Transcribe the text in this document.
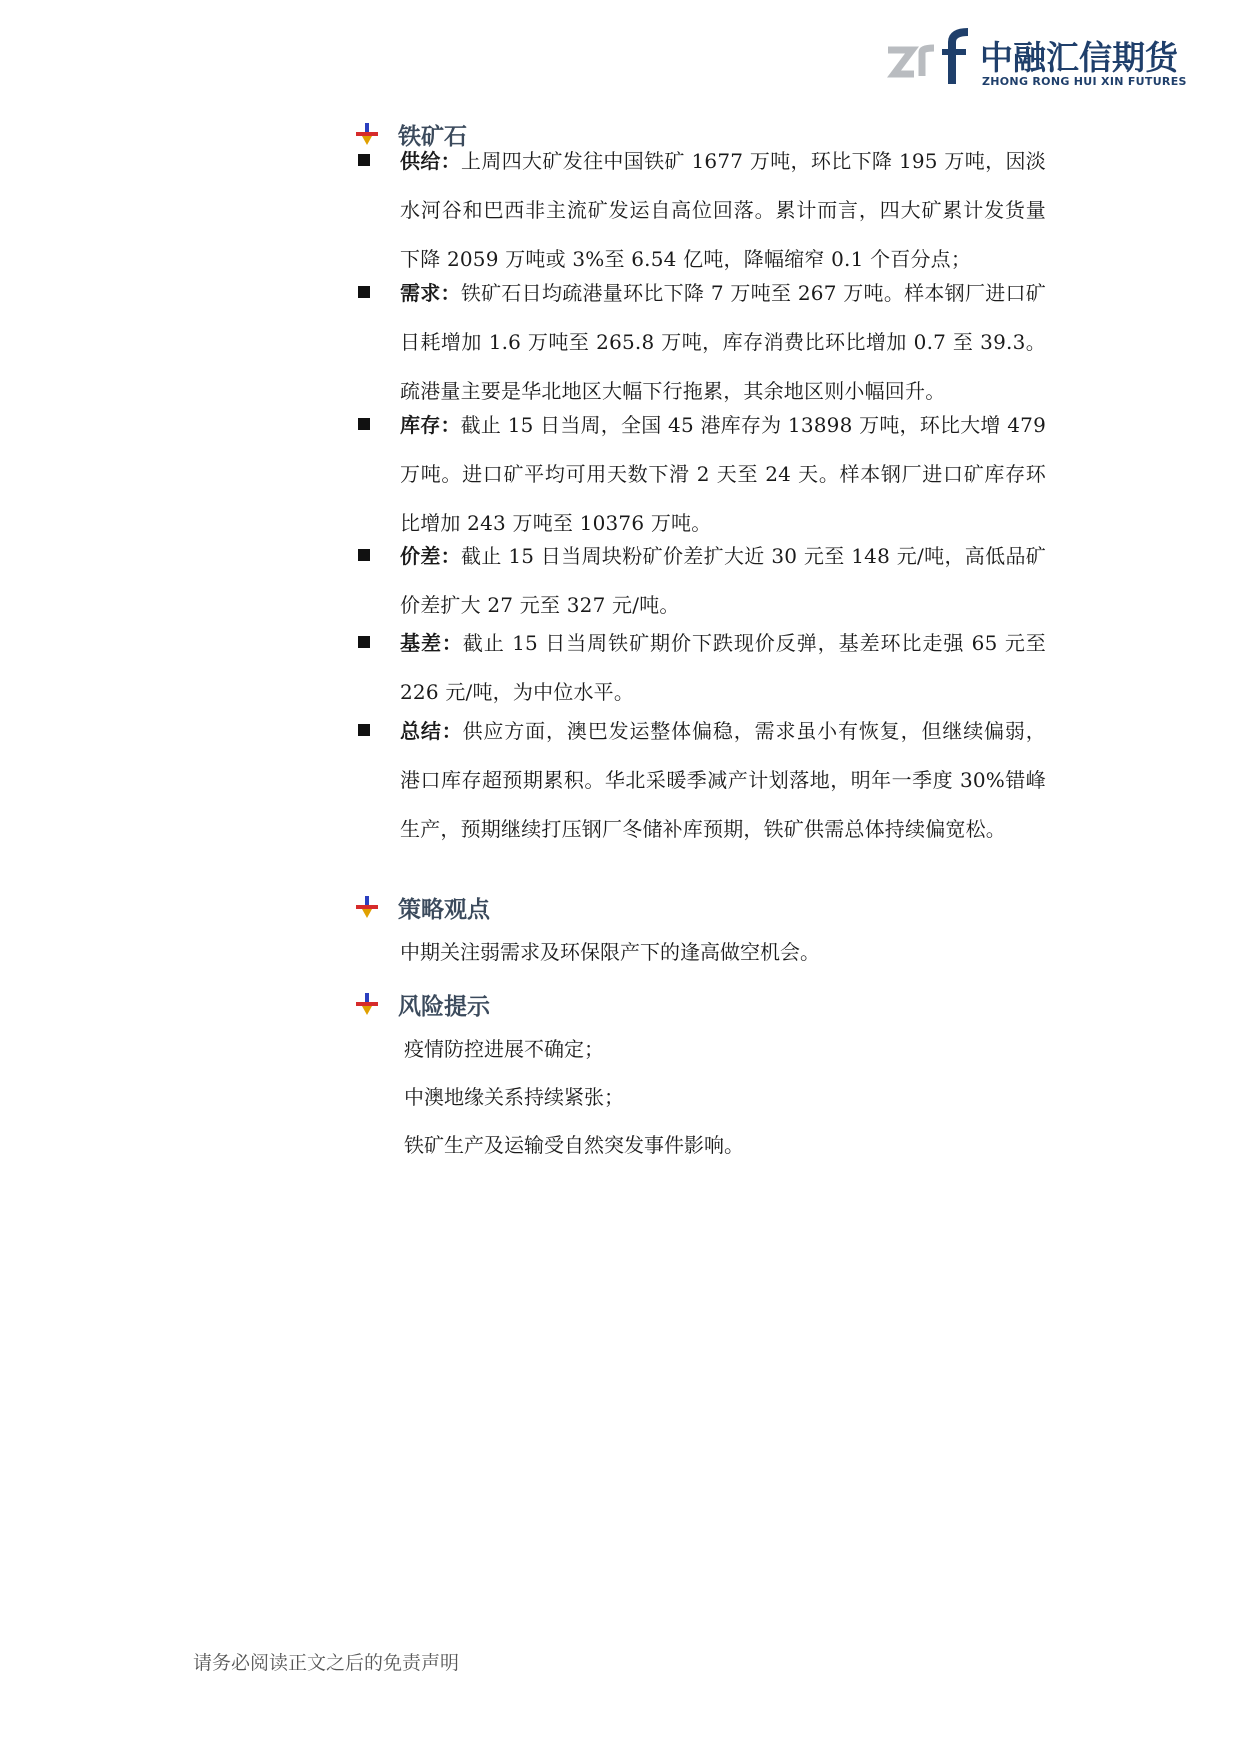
中融汇信期货
ZHONG RONG HUI XIN FUTURES
铁矿石
供给：上周四大矿发往中国铁矿 1677 万吨，环比下降 195 万吨，因淡水河谷和巴西非主流矿发运自高位回落。累计而言，四大矿累计发货量下降 2059 万吨或 3%至 6.54 亿吨，降幅缩窄 0.1 个百分点；
需求：铁矿石日均疏港量环比下降 7 万吨至 267 万吨。样本钢厂进口矿日耗增加 1.6 万吨至 265.8 万吨，库存消费比环比增加 0.7 至 39.3。疏港量主要是华北地区大幅下行拖累，其余地区则小幅回升。
库存：截止 15 日当周，全国 45 港库存为 13898 万吨，环比大增 479 万吨。进口矿平均可用天数下滑 2 天至 24 天。样本钢厂进口矿库存环比增加 243 万吨至 10376 万吨。
价差：截止 15 日当周块粉矿价差扩大近 30 元至 148 元/吨，高低品矿价差扩大 27 元至 327 元/吨。
基差：截止 15 日当周铁矿期价下跌现价反弹，基差环比走强 65 元至 226 元/吨，为中位水平。
总结：供应方面，澳巴发运整体偏稳，需求虽小有恢复，但继续偏弱，港口库存超预期累积。华北采暖季减产计划落地，明年一季度 30%错峰生产，预期继续打压钢厂冬储补库预期，铁矿供需总体持续偏宽松。
策略观点
中期关注弱需求及环保限产下的逢高做空机会。
风险提示
疫情防控进展不确定；
中澳地缘关系持续紧张；
铁矿生产及运输受自然突发事件影响。
请务必阅读正文之后的免责声明
